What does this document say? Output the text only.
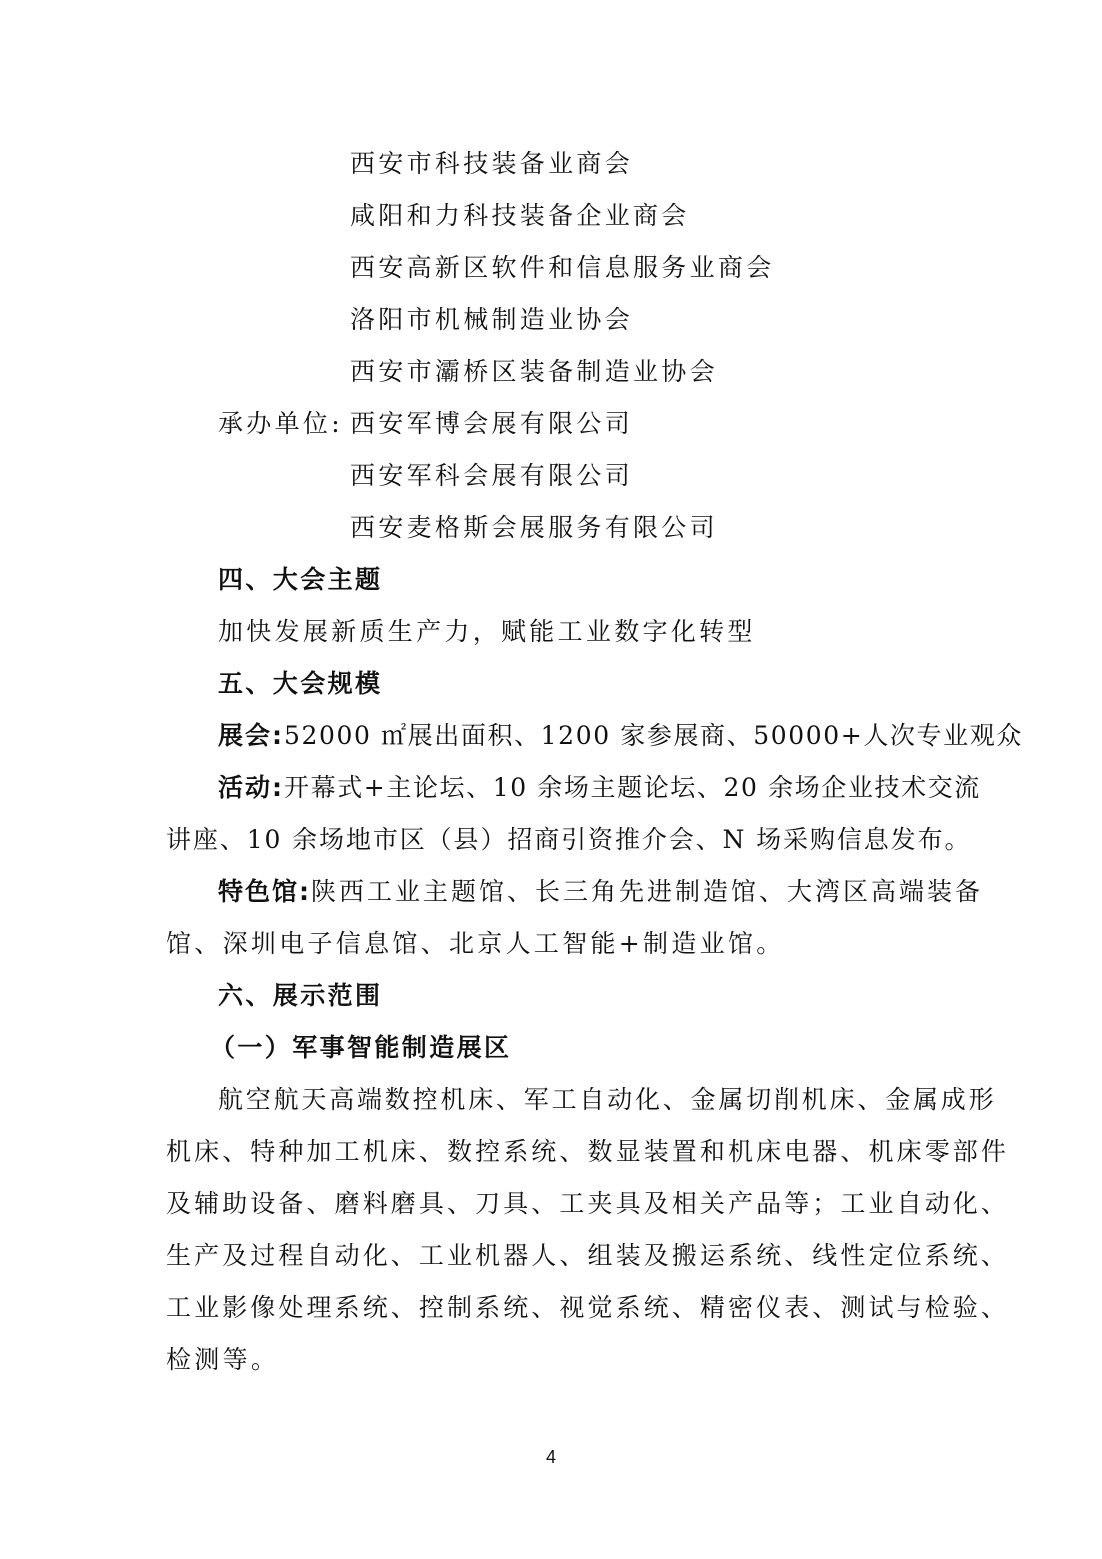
西安市科技装备业商会
咸阳和力科技装备企业商会
西安高新区软件和信息服务业商会
洛阳市机械制造业协会
西安市灞桥区装备制造业协会
承办单位: 西安军博会展有限公司
西安军科会展有限公司
西安麦格斯会展服务有限公司
四、大会主题
加快发展新质生产力，赋能工业数字化转型
五、大会规模
展会:52000 ㎡展出面积、1200 家参展商、50000+人次专业观众
活动:开幕式+主论坛、10 余场主题论坛、20 余场企业技术交流
讲座、10 余场地市区（县）招商引资推介会、N 场采购信息发布。
特色馆:陕西工业主题馆、长三角先进制造馆、大湾区高端装备
馆、深圳电子信息馆、北京人工智能+制造业馆。
六、展示范围
（一）军事智能制造展区
航空航天高端数控机床、军工自动化、金属切削机床、金属成形
机床、特种加工机床、数控系统、数显装置和机床电器、机床零部件
及辅助设备、磨料磨具、刀具、工夹具及相关产品等；工业自动化、
生产及过程自动化、工业机器人、组装及搬运系统、线性定位系统、
工业影像处理系统、控制系统、视觉系统、精密仪表、测试与检验、
检测等。
4
